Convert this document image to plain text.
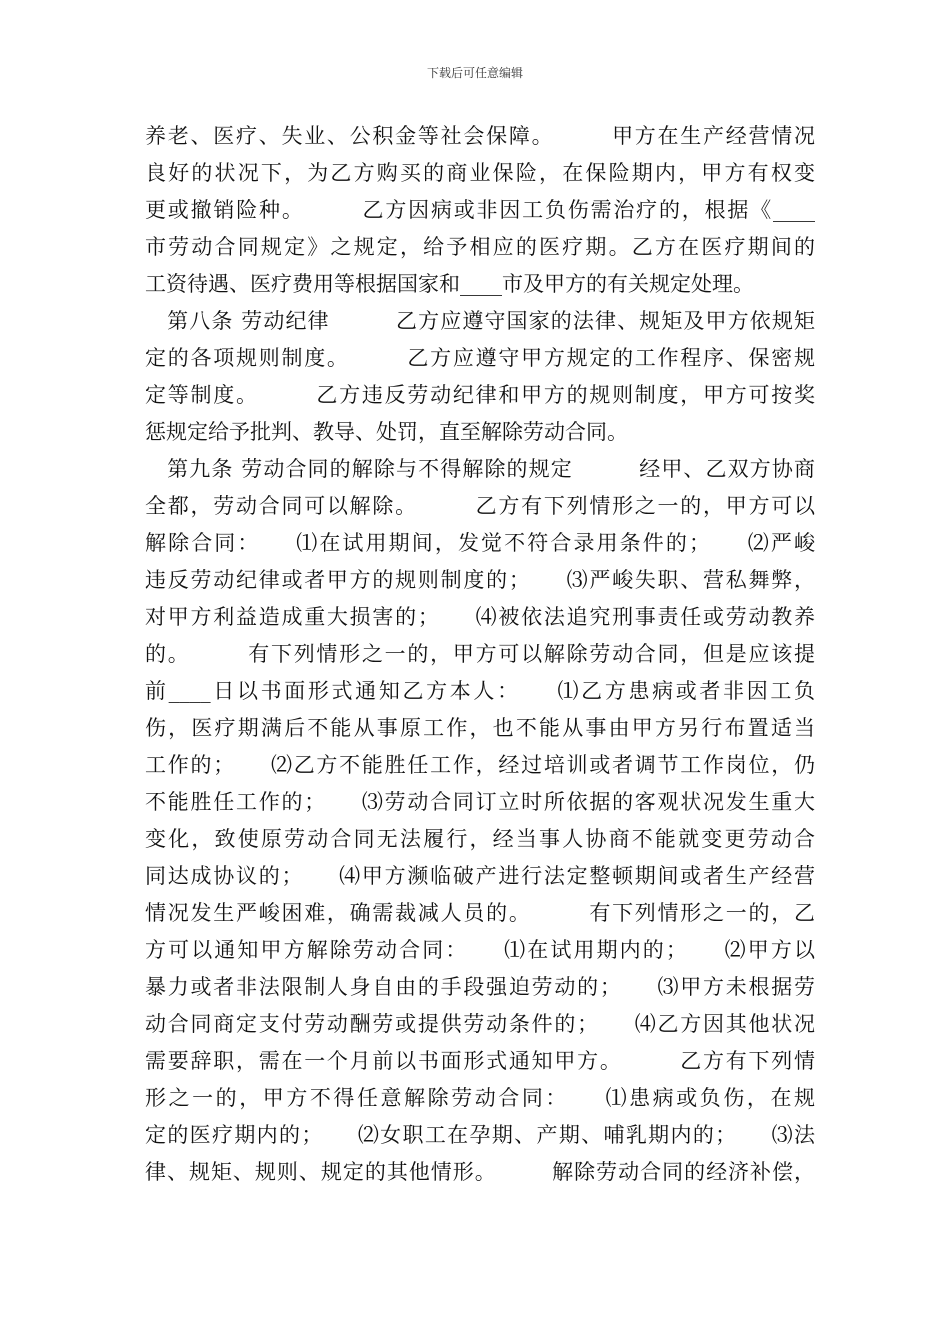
下载后可任意编辑
养老、医疗、失业、公积金等社会保障。　　　甲方在生产经营情况
良好的状况下，为乙方购买的商业保险，在保险期内，甲方有权变
更或撤销险种。　　　乙方因病或非因工负伤需治疗的，根据《____
市劳动合同规定》之规定，给予相应的医疗期。乙方在医疗期间的
工资待遇、医疗费用等根据国家和____市及甲方的有关规定处理。
　第八条 劳动纪律　　　乙方应遵守国家的法律、规矩及甲方依规矩
定的各项规则制度。　　　乙方应遵守甲方规定的工作程序、保密规
定等制度。　　　乙方违反劳动纪律和甲方的规则制度，甲方可按奖
惩规定给予批判、教导、处罚，直至解除劳动合同。
　第九条 劳动合同的解除与不得解除的规定　　　经甲、乙双方协商
全都，劳动合同可以解除。　　　乙方有下列情形之一的，甲方可以
解除合同：　　⑴在试用期间，发觉不符合录用条件的；　　⑵严峻
违反劳动纪律或者甲方的规则制度的；　　⑶严峻失职、营私舞弊，
对甲方利益造成重大损害的；　　⑷被依法追究刑事责任或劳动教养
的。　　　有下列情形之一的，甲方可以解除劳动合同，但是应该提
前____日以书面形式通知乙方本人：　　⑴乙方患病或者非因工负
伤，医疗期满后不能从事原工作，也不能从事由甲方另行布置适当
工作的；　　⑵乙方不能胜任工作，经过培训或者调节工作岗位，仍
不能胜任工作的；　　⑶劳动合同订立时所依据的客观状况发生重大
变化，致使原劳动合同无法履行，经当事人协商不能就变更劳动合
同达成协议的；　　⑷甲方濒临破产进行法定整顿期间或者生产经营
情况发生严峻困难，确需裁减人员的。　　　有下列情形之一的，乙
方可以通知甲方解除劳动合同：　　⑴在试用期内的；　　⑵甲方以
暴力或者非法限制人身自由的手段强迫劳动的；　　⑶甲方未根据劳
动合同商定支付劳动酬劳或提供劳动条件的；　　⑷乙方因其他状况
需要辞职，需在一个月前以书面形式通知甲方。　　　乙方有下列情
形之一的，甲方不得任意解除劳动合同：　　⑴患病或负伤，在规
定的医疗期内的；　　⑵女职工在孕期、产期、哺乳期内的；　　⑶法
律、规矩、规则、规定的其他情形。　　　解除劳动合同的经济补偿，
